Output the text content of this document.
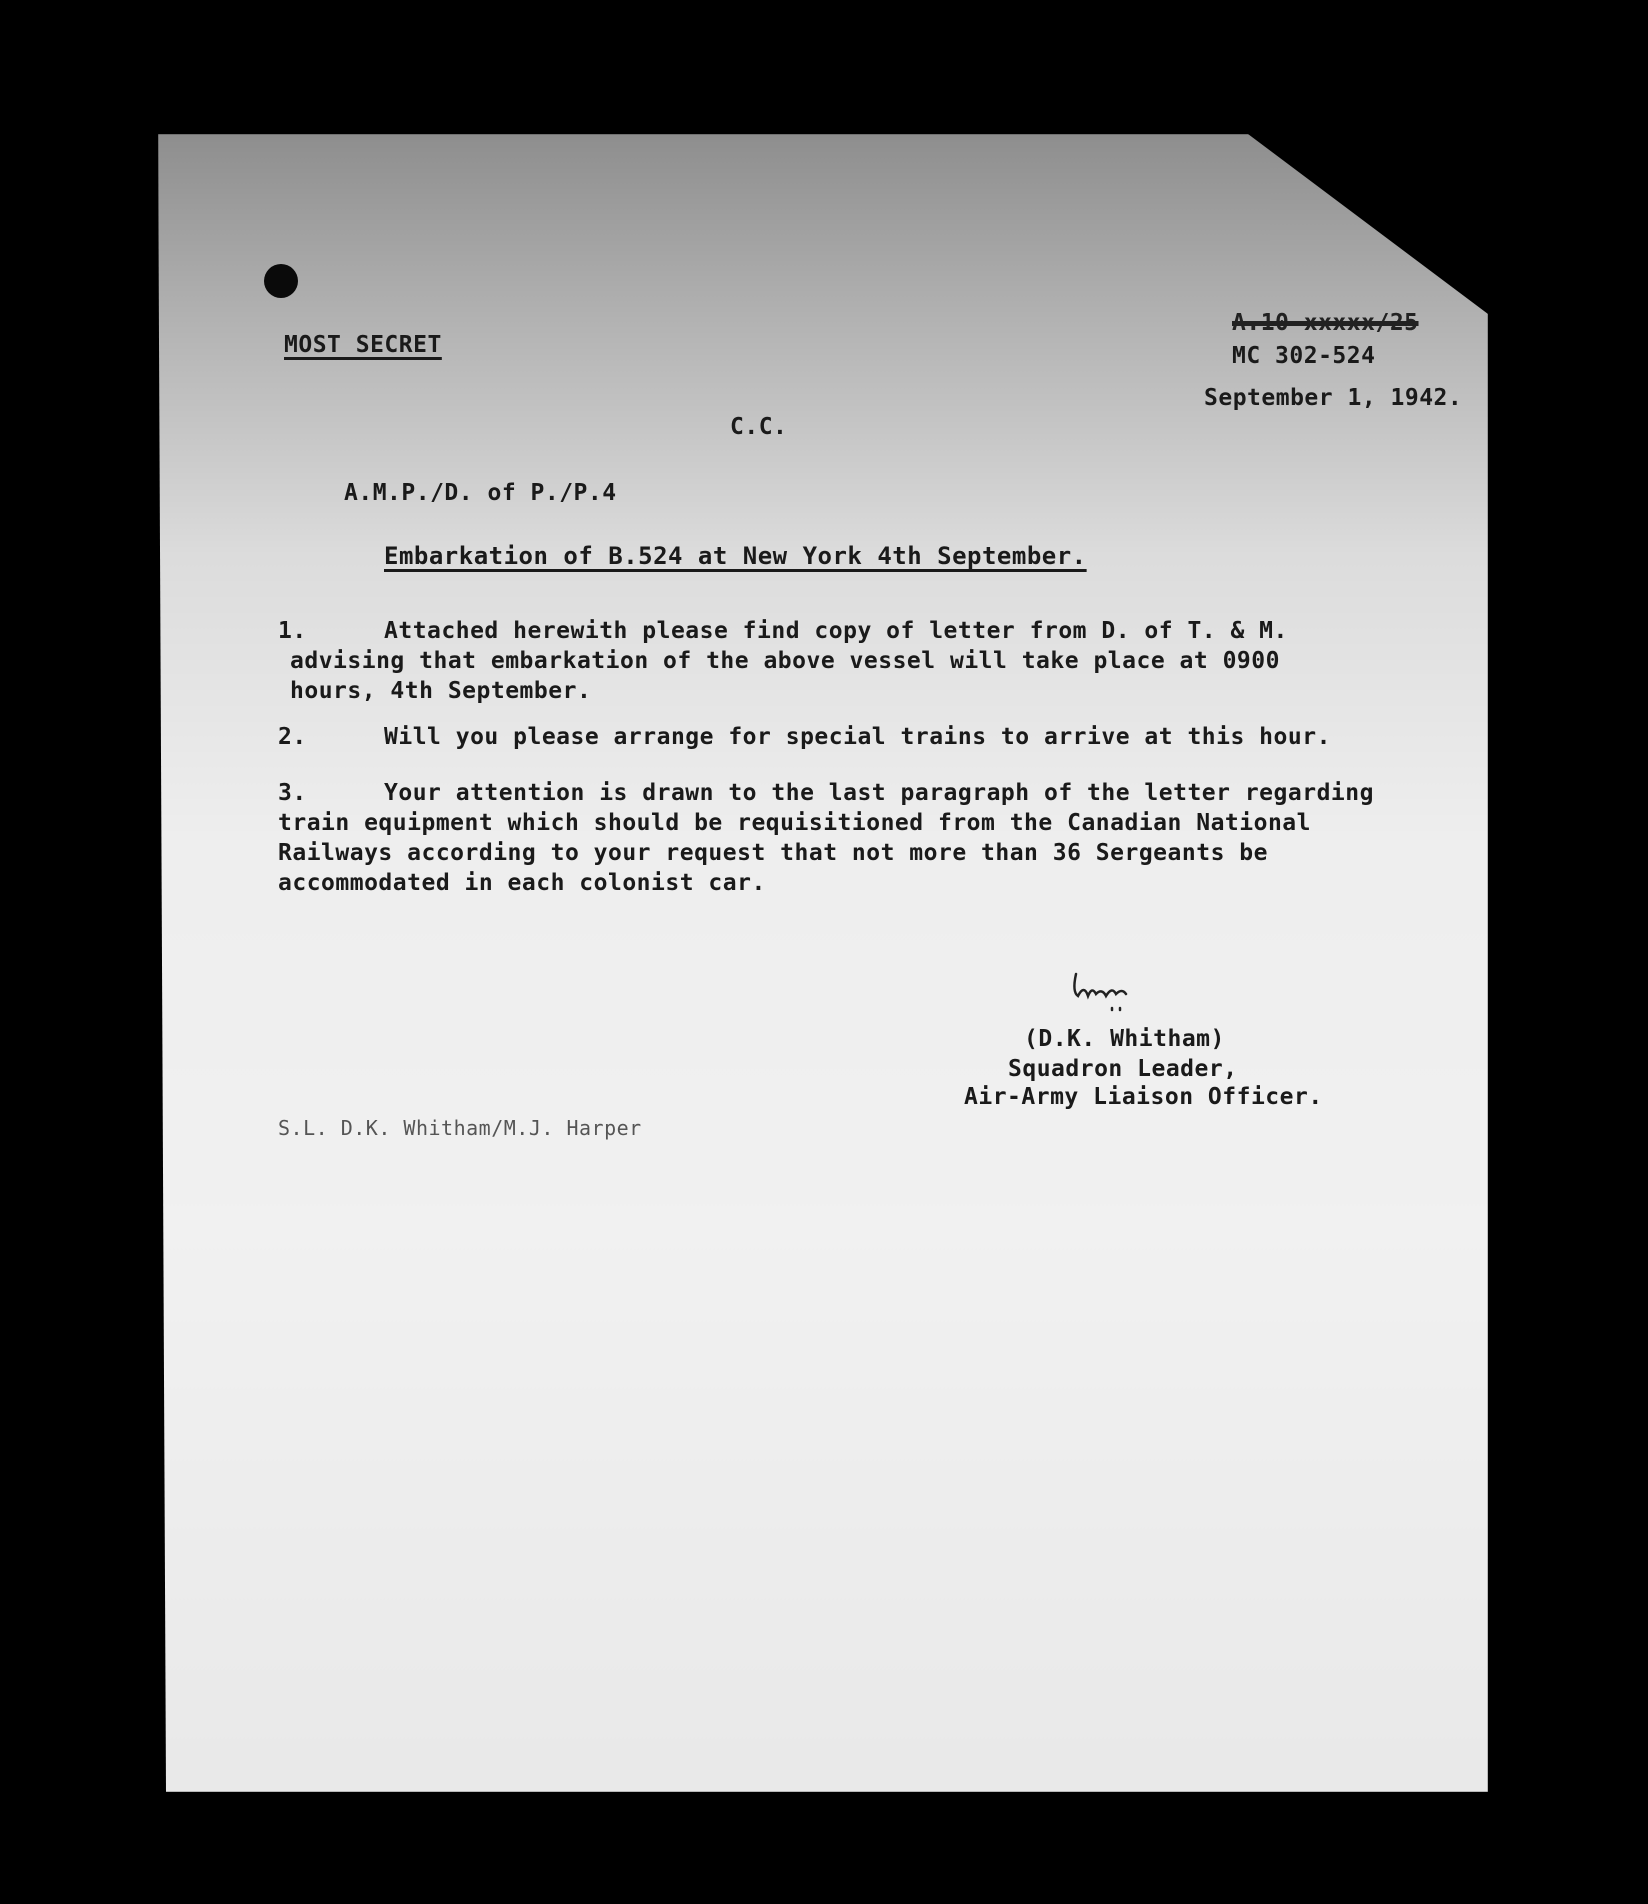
MOST SECRET
A.10-xxxxx/25
MC 302-524
September 1, 1942.
C.C.
A.M.P./D. of P./P.4
Embarkation of B.524 at New York 4th September.
1.	Attached herewith please find copy of letter from D. of T. & M.
advising that embarkation of the above vessel will take place at 0900
hours, 4th September.
2.	Will you please arrange for special trains to arrive at this hour.
3.	Your attention is drawn to the last paragraph of the letter regarding
train equipment which should be requisitioned from the Canadian National
Railways according to your request that not more than 36 Sergeants be
accommodated in each colonist car.
(D.K. Whitham)
Squadron Leader,
Air-Army Liaison Officer.
S.L. D.K. Whitham/M.J. Harper
